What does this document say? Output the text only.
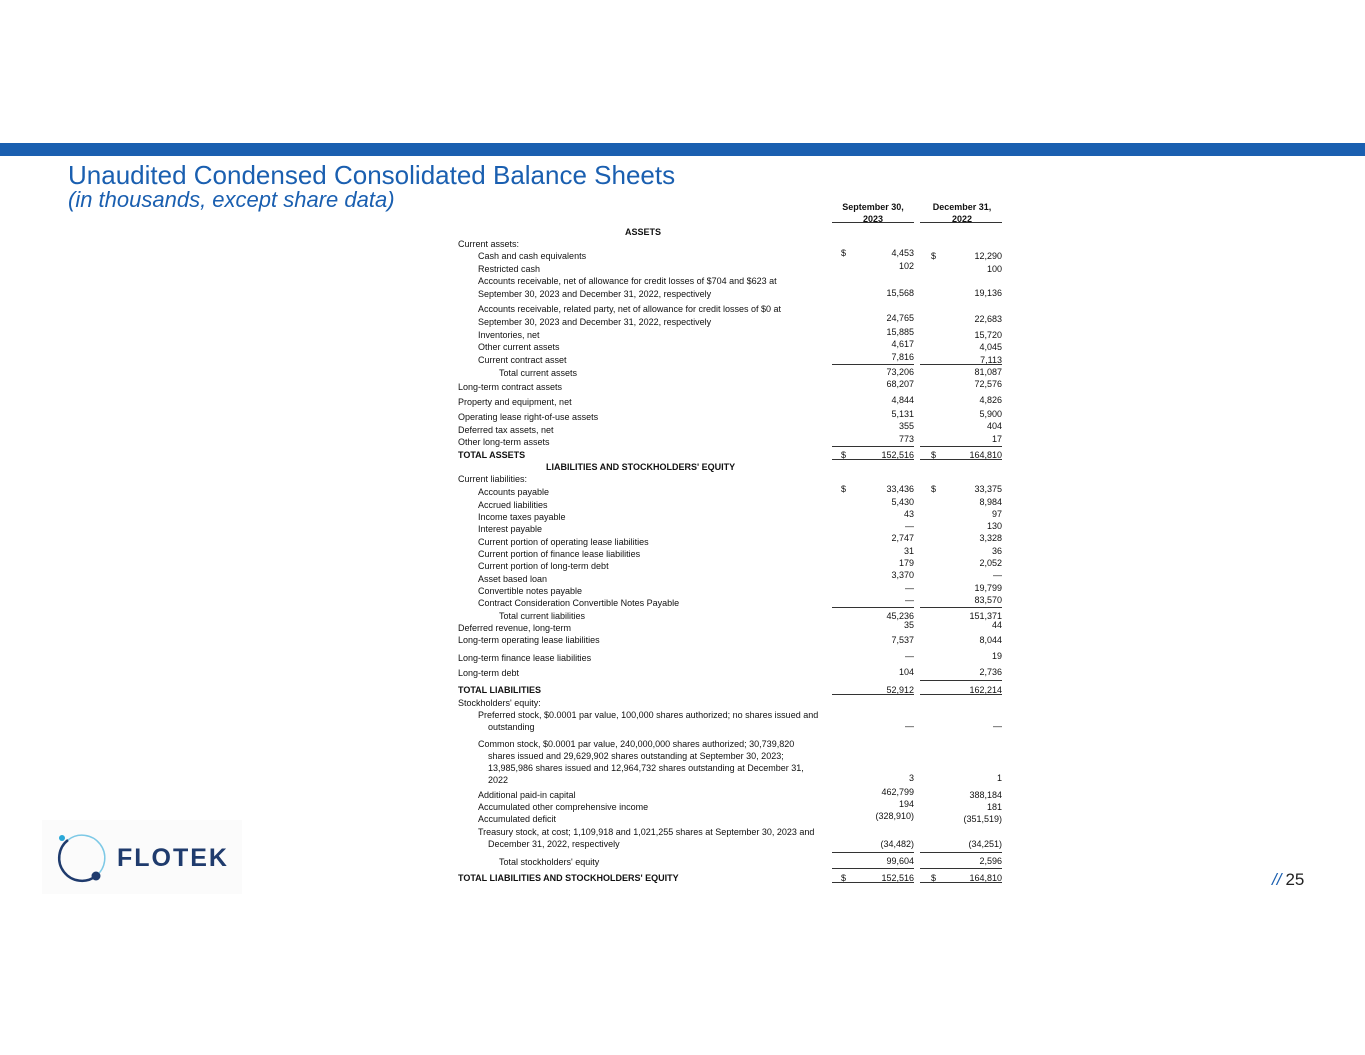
Unaudited Condensed Consolidated Balance Sheets
(in thousands, except share data)	September 30,
2023
December 31,
2022
ASSETS
Current assets:
Cash and cash equivalents	$	4,453 $	12,290
Restricted cash	102	100
Accounts receivable, net of allowance for credit losses of $704 and $623 at
September 30, 2023 and December 31, 2022, respectively	15,568	19,136
Accounts receivable, related party, net of allowance for credit losses of $0 at
September 30, 2023 and December 31, 2022, respectively	24,765	22,683
Inventories, net	15,885	15,720
Other current assets	4,617	4,045
Current contract asset	7,816	7,113
Total current assets	73,206	81,087
Long-term contract assets	68,207	72,576
Property and equipment, net	4,844	4,826
Operating lease right-of-use assets	5,131	5,900
Deferred tax assets, net	355	404
Other long-term assets	773	17
TOTAL ASSETS	$	152,516 $	164,810
LIABILITIES AND STOCKHOLDERS' EQUITY
Current liabilities:
Accounts payable	$	33,436 $	33,375
Accrued liabilities	5,430	8,984
Income taxes payable	43	97
Interest payable	—	130
Current portion of operating lease liabilities	2,747	3,328
Current portion of finance lease liabilities	31	36
Current portion of long-term debt	179	2,052
Asset based loan	3,370	—
Convertible notes payable	—	19,799
Contract Consideration Convertible Notes Payable	—	83,570
Total current liabilities	45,236	151,371
Deferred revenue, long-term	35	44
Long-term operating lease liabilities	7,537	8,044
Long-term finance lease liabilities	—	19
Long-term debt	104	2,736
TOTAL LIABILITIES	52,912	162,214
Stockholders' equity:
Preferred stock, $0.0001 par value, 100,000 shares authorized; no shares issued and
outstanding	—	—
Common stock, $0.0001 par value, 240,000,000 shares authorized; 30,739,820
shares issued and 29,629,902 shares outstanding at September 30, 2023;
13,985,986 shares issued and 12,964,732 shares outstanding at December 31,
2022	3	1
Additional paid-in capital	462,799	388,184
Accumulated other comprehensive income	194	181
Accumulated deficit	(328,910)	(351,519)
Treasury stock, at cost; 1,109,918 and 1,021,255 shares at September 30, 2023 and
December 31, 2022, respectively	(34,482)	(34,251)
Total stockholders' equity	99,604	2,596
TOTAL LIABILITIES AND STOCKHOLDERS' EQUITY	$	152,516 $	164,810
FLOTEK
// 25
